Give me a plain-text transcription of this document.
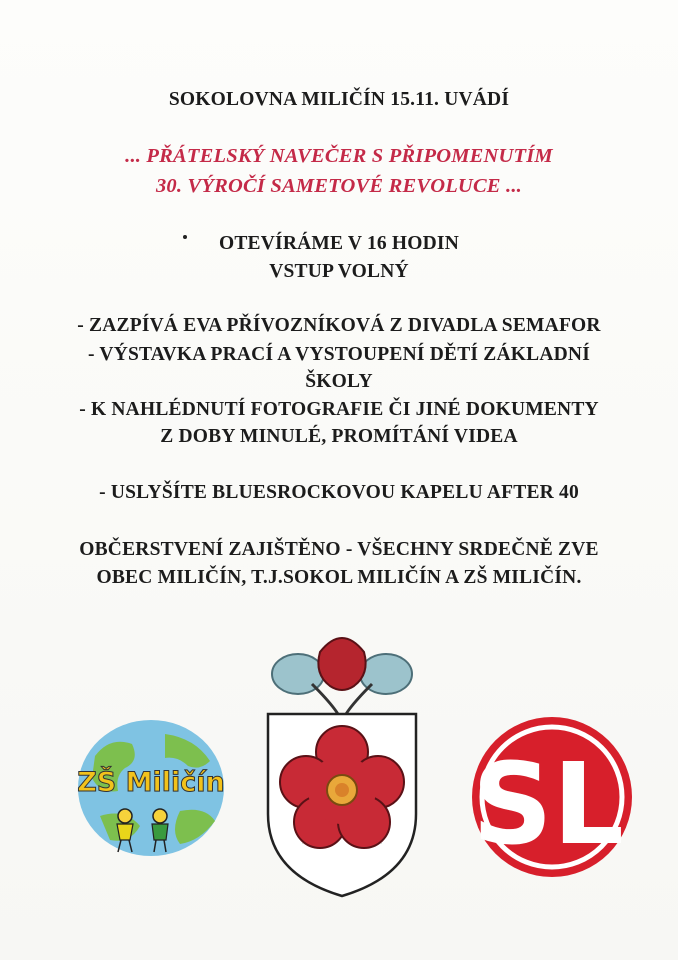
SOKOLOVNA MILIČÍN 15.11. UVÁDÍ
... PŘÁTELSKÝ NAVEČER S PŘIPOMENUTÍM
30. VÝROČÍ SAMETOVÉ REVOLUCE ...
OTEVÍRÁME V 16 HODIN
VSTUP VOLNÝ
- ZAZPÍVÁ EVA PŘÍVOZNÍKOVÁ Z DIVADLA SEMAFOR
- VÝSTAVKA PRACÍ A VYSTOUPENÍ DĚTÍ ZÁKLADNÍ
ŠKOLY
- K NAHLÉDNUTÍ FOTOGRAFIE ČI JINÉ DOKUMENTY
Z DOBY MINULÉ, PROMÍTÁNÍ VIDEA
- USLYŠÍTE BLUESROCKOVOU KAPELU AFTER 40
OBČERSTVENÍ ZAJIŠTĚNO - VŠECHNY SRDEČNĚ ZVE
OBEC MILIČÍN, T.J.SOKOL MILIČÍN A ZŠ MILIČÍN.
ZŠ Miličín SL
